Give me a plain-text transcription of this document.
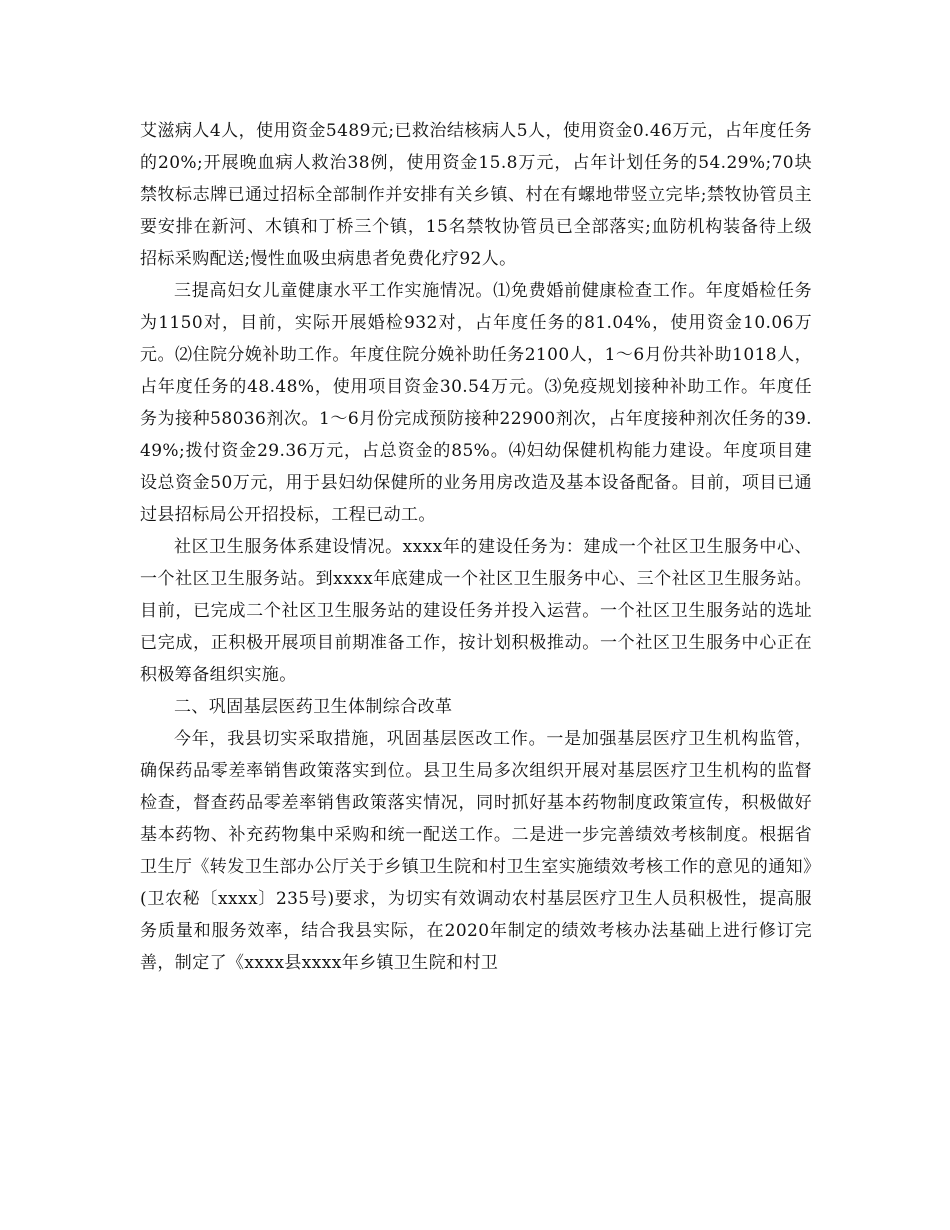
艾滋病人4人，使用资金5489元;已救治结核病人5人，使用资金0.46万元，占年度任务的20%;开展晚血病人救治38例，使用资金15.8万元，占年计划任务的54.29%;70块禁牧标志牌已通过招标全部制作并安排有关乡镇、村在有螺地带竖立完毕;禁牧协管员主要安排在新河、木镇和丁桥三个镇，15名禁牧协管员已全部落实;血防机构装备待上级招标采购配送;慢性血吸虫病患者免费化疗92人。

三提高妇女儿童健康水平工作实施情况。⑴免费婚前健康检查工作。年度婚检任务为1150对，目前，实际开展婚检932对，占年度任务的81.04%，使用资金10.06万元。⑵住院分娩补助工作。年度住院分娩补助任务2100人，1～6月份共补助1018人，占年度任务的48.48%，使用项目资金30.54万元。⑶免疫规划接种补助工作。年度任务为接种58036剂次。1～6月份完成预防接种22900剂次，占年度接种剂次任务的39.49%;拨付资金29.36万元，占总资金的85%。⑷妇幼保健机构能力建设。年度项目建设总资金50万元，用于县妇幼保健所的业务用房改造及基本设备配备。目前，项目已通过县招标局公开招投标，工程已动工。

社区卫生服务体系建设情况。xxxx年的建设任务为：建成一个社区卫生服务中心、一个社区卫生服务站。到xxxx年底建成一个社区卫生服务中心、三个社区卫生服务站。目前，已完成二个社区卫生服务站的建设任务并投入运营。一个社区卫生服务站的选址已完成，正积极开展项目前期准备工作，按计划积极推动。一个社区卫生服务中心正在积极筹备组织实施。

二、巩固基层医药卫生体制综合改革

今年，我县切实采取措施，巩固基层医改工作。一是加强基层医疗卫生机构监管，确保药品零差率销售政策落实到位。县卫生局多次组织开展对基层医疗卫生机构的监督检查，督查药品零差率销售政策落实情况，同时抓好基本药物制度政策宣传，积极做好基本药物、补充药物集中采购和统一配送工作。二是进一步完善绩效考核制度。根据省卫生厅《转发卫生部办公厅关于乡镇卫生院和村卫生室实施绩效考核工作的意见的通知》(卫农秘〔xxxx〕235号)要求，为切实有效调动农村基层医疗卫生人员积极性，提高服务质量和服务效率，结合我县实际，在2020年制定的绩效考核办法基础上进行修订完善，制定了《xxxx县xxxx年乡镇卫生院和村卫
